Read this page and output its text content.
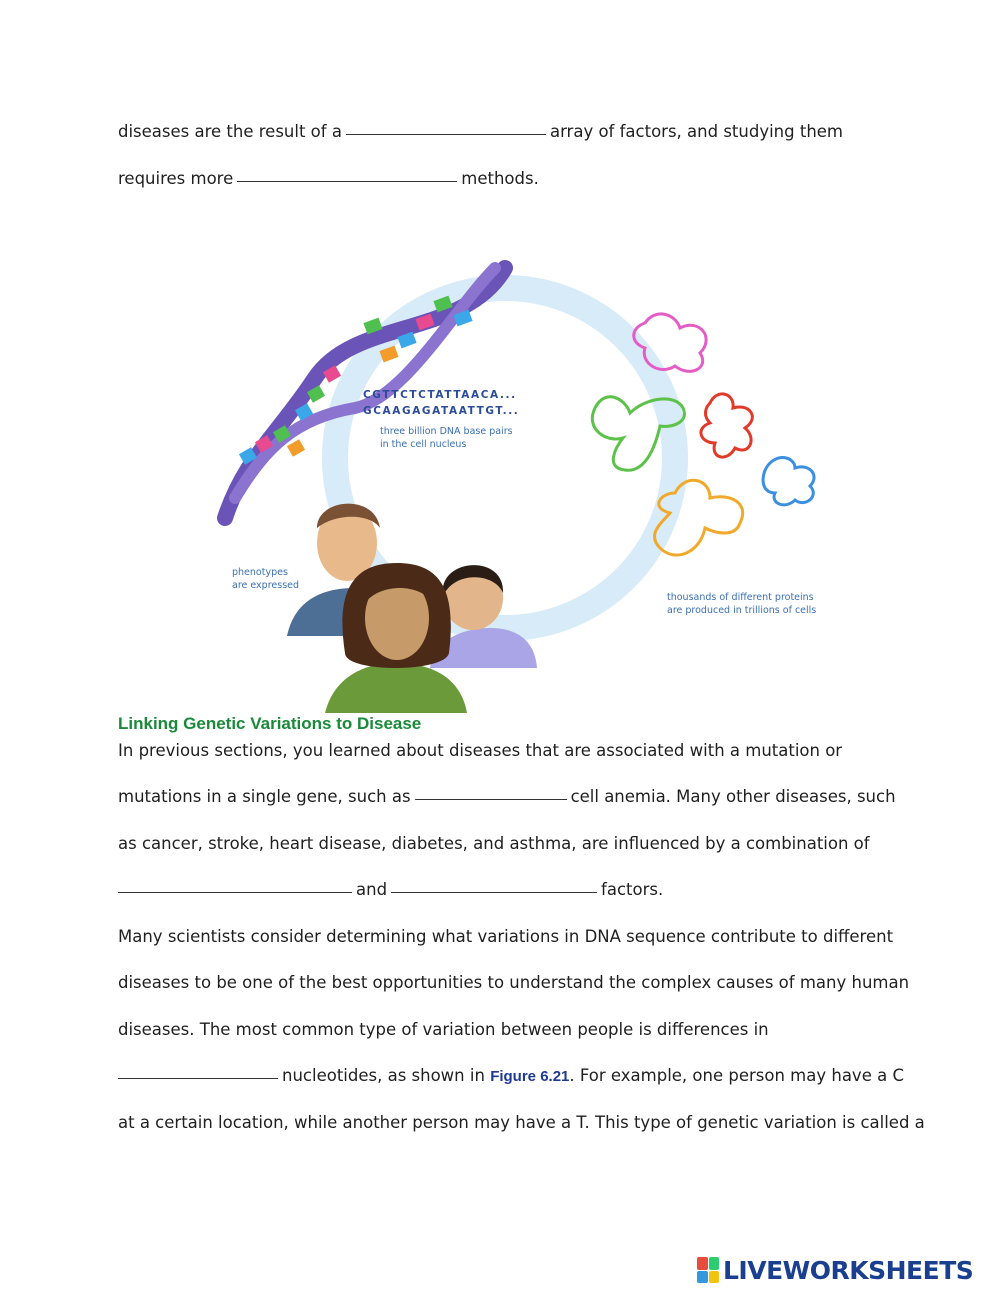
diseases are the result of a	array of factors, and studying them
requires more	methods.
CGTTCTCTATTAACA...
GCAAGAGATAATTGT...
three billion DNA base pairs
in the cell nucleus
thousands of different proteins
are produced in trillions of cells
phenotypes
are expressed
Linking Genetic Variations to Disease
In previous sections, you learned about diseases that are associated with a mutation or
mutations in a single gene, such as	cell anemia. Many other diseases, such
as cancer, stroke, heart disease, diabetes, and asthma, are influenced by a combination of
and	factors.
Many scientists consider determining what variations in DNA sequence contribute to different
diseases to be one of the best opportunities to understand the complex causes of many human
diseases. The most common type of variation between people is differences in
nucleotides, as shown in Figure 6.21. For example, one person may have a C
at a certain location, while another person may have a T. This type of genetic variation is called a
LIVEWORKSHEETS
